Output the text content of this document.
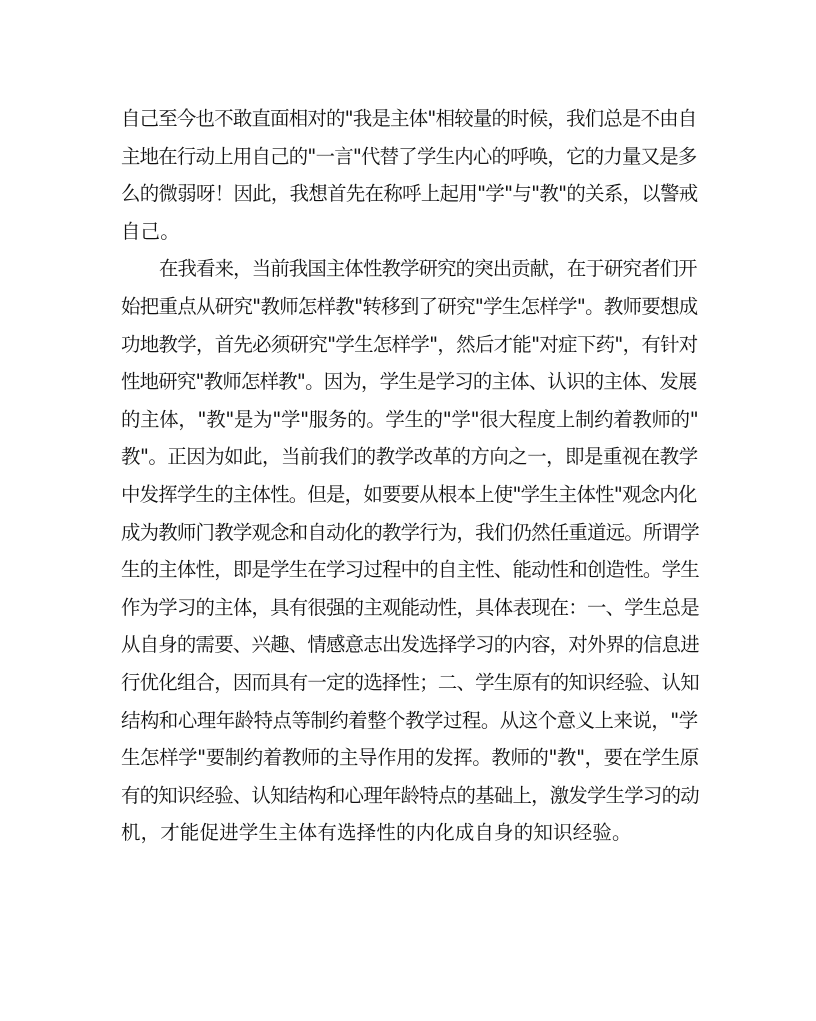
自己至今也不敢直面相对的"我是主体"相较量的时候，我们总是不由自
主地在行动上用自己的"一言"代替了学生内心的呼唤，它的力量又是多
么的微弱呀！因此，我想首先在称呼上起用"学"与"教"的关系，以警戒
自己。
在我看来，当前我国主体性教学研究的突出贡献，在于研究者们开
始把重点从研究"教师怎样教"转移到了研究"学生怎样学"。教师要想成
功地教学，首先必须研究"学生怎样学"，然后才能"对症下药"，有针对
性地研究"教师怎样教"。因为，学生是学习的主体、认识的主体、发展
的主体，"教"是为"学"服务的。学生的"学"很大程度上制约着教师的"
教"。正因为如此，当前我们的教学改革的方向之一，即是重视在教学
中发挥学生的主体性。但是，如要要从根本上使"学生主体性"观念内化
成为教师门教学观念和自动化的教学行为，我们仍然任重道远。所谓学
生的主体性，即是学生在学习过程中的自主性、能动性和创造性。学生
作为学习的主体，具有很强的主观能动性，具体表现在：一、学生总是
从自身的需要、兴趣、情感意志出发选择学习的内容，对外界的信息进
行优化组合，因而具有一定的选择性；二、学生原有的知识经验、认知
结构和心理年龄特点等制约着整个教学过程。从这个意义上来说，"学
生怎样学"要制约着教师的主导作用的发挥。教师的"教"，要在学生原
有的知识经验、认知结构和心理年龄特点的基础上，激发学生学习的动
机，才能促进学生主体有选择性的内化成自身的知识经验。
